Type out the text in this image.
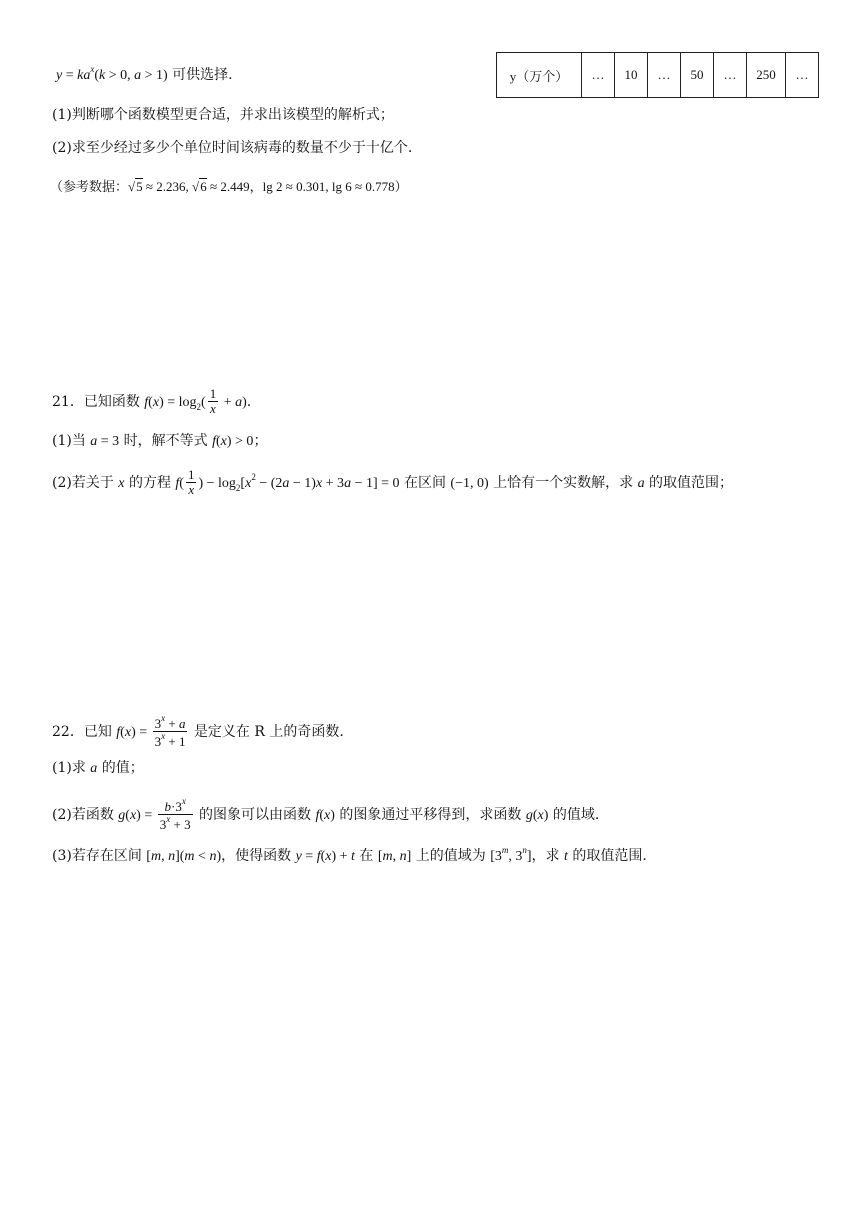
y（万个）	…	10	…	50	…	250	…
$y = ka^x(k > 0$, a > 1) 可供选择.
(1)判断哪个函数模型更合适，并求出该模型的解析式；
(2)求至少经过多少个单位时间该病毒的数量不少于十亿个.
（参考数据：√5 ≈ 2.236, √6 ≈ 2.449，lg 2 ≈ 0.301, lg 6 ≈ 0.778）
21．已知函数 $f(x) = \log_2( \frac{1}{x} + a)$.
(1)当 a = 3 时，解不等式 f(x) > 0；
(2)若关于 x 的方程 $f( \frac{1}{x}$ ) − $\log_2[x^2 - (2a - 1)x + 3a - 1] = 0$ 在区间 (−1, 0) 上恰有一个实数解，求 a 的取值范围；
22．已知 $f(x) = \frac{3^x + a}{3^x + 1}$ 是定义在 R 上的奇函数.
(1)求 a 的值；
(2)若函数 $g(x) = \frac{b\cdot 3^x}{3^x + 3}$ 的图象可以由函数 f(x) 的图象通过平移得到，求函数 g(x) 的值域.
(3)若存在区间 [m, n](m < n)，使得函数 y = f(x) + t 在 [m, n] 上的值域为 [3$^m$, 3$^n$]，求 t 的取值范围.
